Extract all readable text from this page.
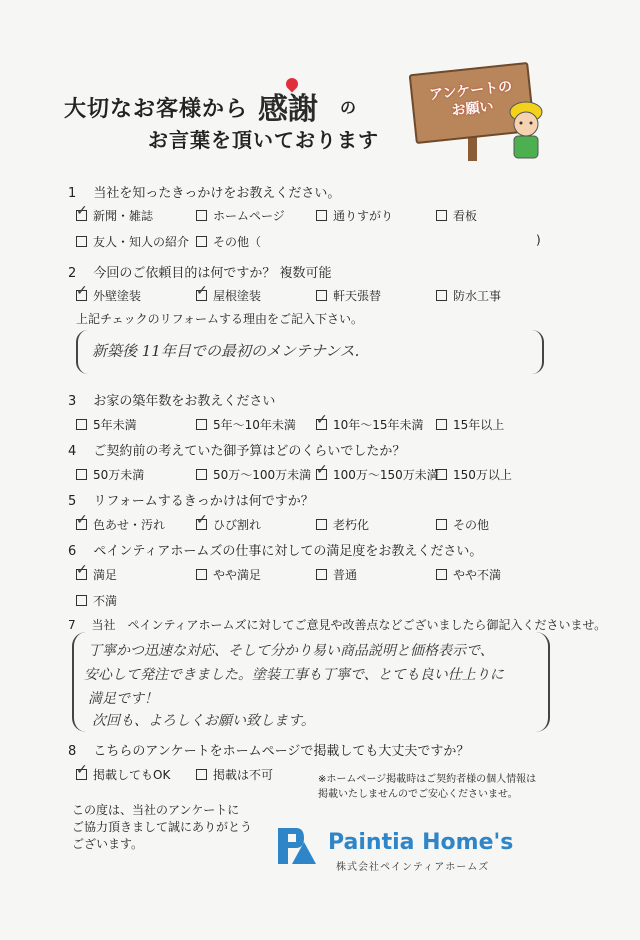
大切なお客様から 感謝 の
お言葉を頂いております
アンケートの
お願い
1　 当社を知ったきっかけをお教えください。
✓ 新聞・雑誌	ホームページ	通りすがり	看板
友人・知人の紹介 その他（	)
2　 今回のご依頼目的は何ですか？ 複数可能
✓ 外壁塗装	✓ 屋根塗装	軒天張替	防水工事
上記チェックのリフォームする理由をご記入下さい。
新築後 11年目での最初のメンテナンス.
3　 お家の築年数をお教えください
5年未満	5年～10年未満 ✓ 10年～15年未満 15年以上
4　 ご契約前の考えていた御予算はどのくらいでしたか？
50万未満	50万～100万未満 ✓ 100万～150万未満 150万以上
5　 リフォームするきっかけは何ですか？
✓ 色あせ・汚れ ✓ ひび割れ	老朽化	その他
6　 ペインティアホームズの仕事に対しての満足度をお教えください。
✓ 満足	やや満足	普通	やや不満
不満
7　 当社　ペインティアホームズに対してご意見や改善点などございましたら御記入くださいませ。
丁寧かつ迅速な対応、そして分かり易い商品説明と価格表示で、
安心して発注できました。塗装工事も丁寧で、とても良い仕上りに
満足です！
次回も、よろしくお願い致します。
8　 こちらのアンケートをホームページで掲載しても大丈夫ですか？
✓ 掲載してもOK	掲載は不可	※ホームページ掲載時はご契約者様の個人情報は
掲載いたしませんのでご安心くださいませ。
この度は、当社のアンケートに
ご協力頂きまして誠にありがとう
ございます。	Paintia Home's
株式会社ペインティアホームズ
